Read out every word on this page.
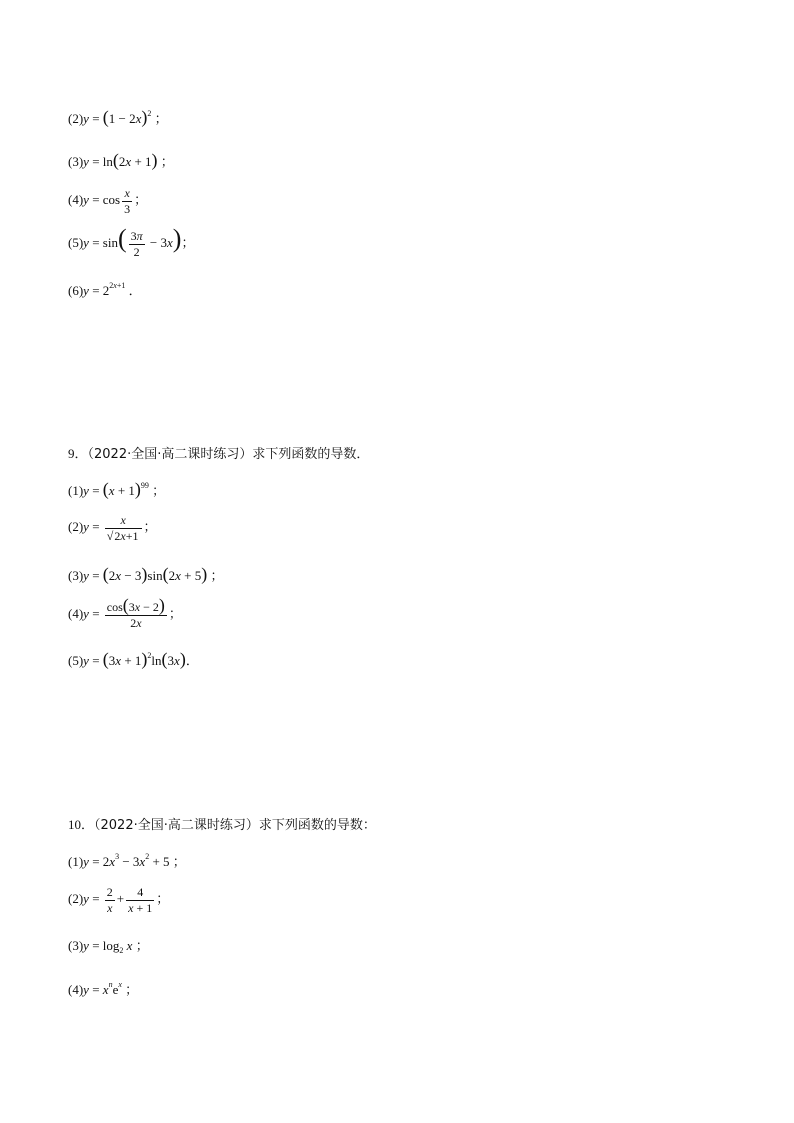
$(2)y = (1 - 2x)^2$ ；
(3)y = ln(2x + 1) ；
$(4)y = \cos \frac{x}{3}$ ；
$(5)y = \sin( \frac{3\pi}{2} - 3x)$；
$(6)y = 2^{2x+1}$ ．
9．（2022·全国·高二课时练习）求下列函数的导数．
$(1)y = (x + 1)^{99}$ ；
$(2)y = \frac{x}{√2x+1}$ ；
(3)y = (2x − 3)sin(2x + 5) ；
$(4)y = \frac{\cos(3x - 2)}{2x}$ ；
$(5)y = (3x + 1)^2\ln(3x)$．
10．（2022·全国·高二课时练习）求下列函数的导数：
$(1)y = 2x^3 - 3x^2 + 5$ ；
$(2)y = \frac{2}{x} + \frac{4}{x + 1}$ ；
$(3)y = \log_2 x$ ；
$(4)y = x^ne^x$ ；
